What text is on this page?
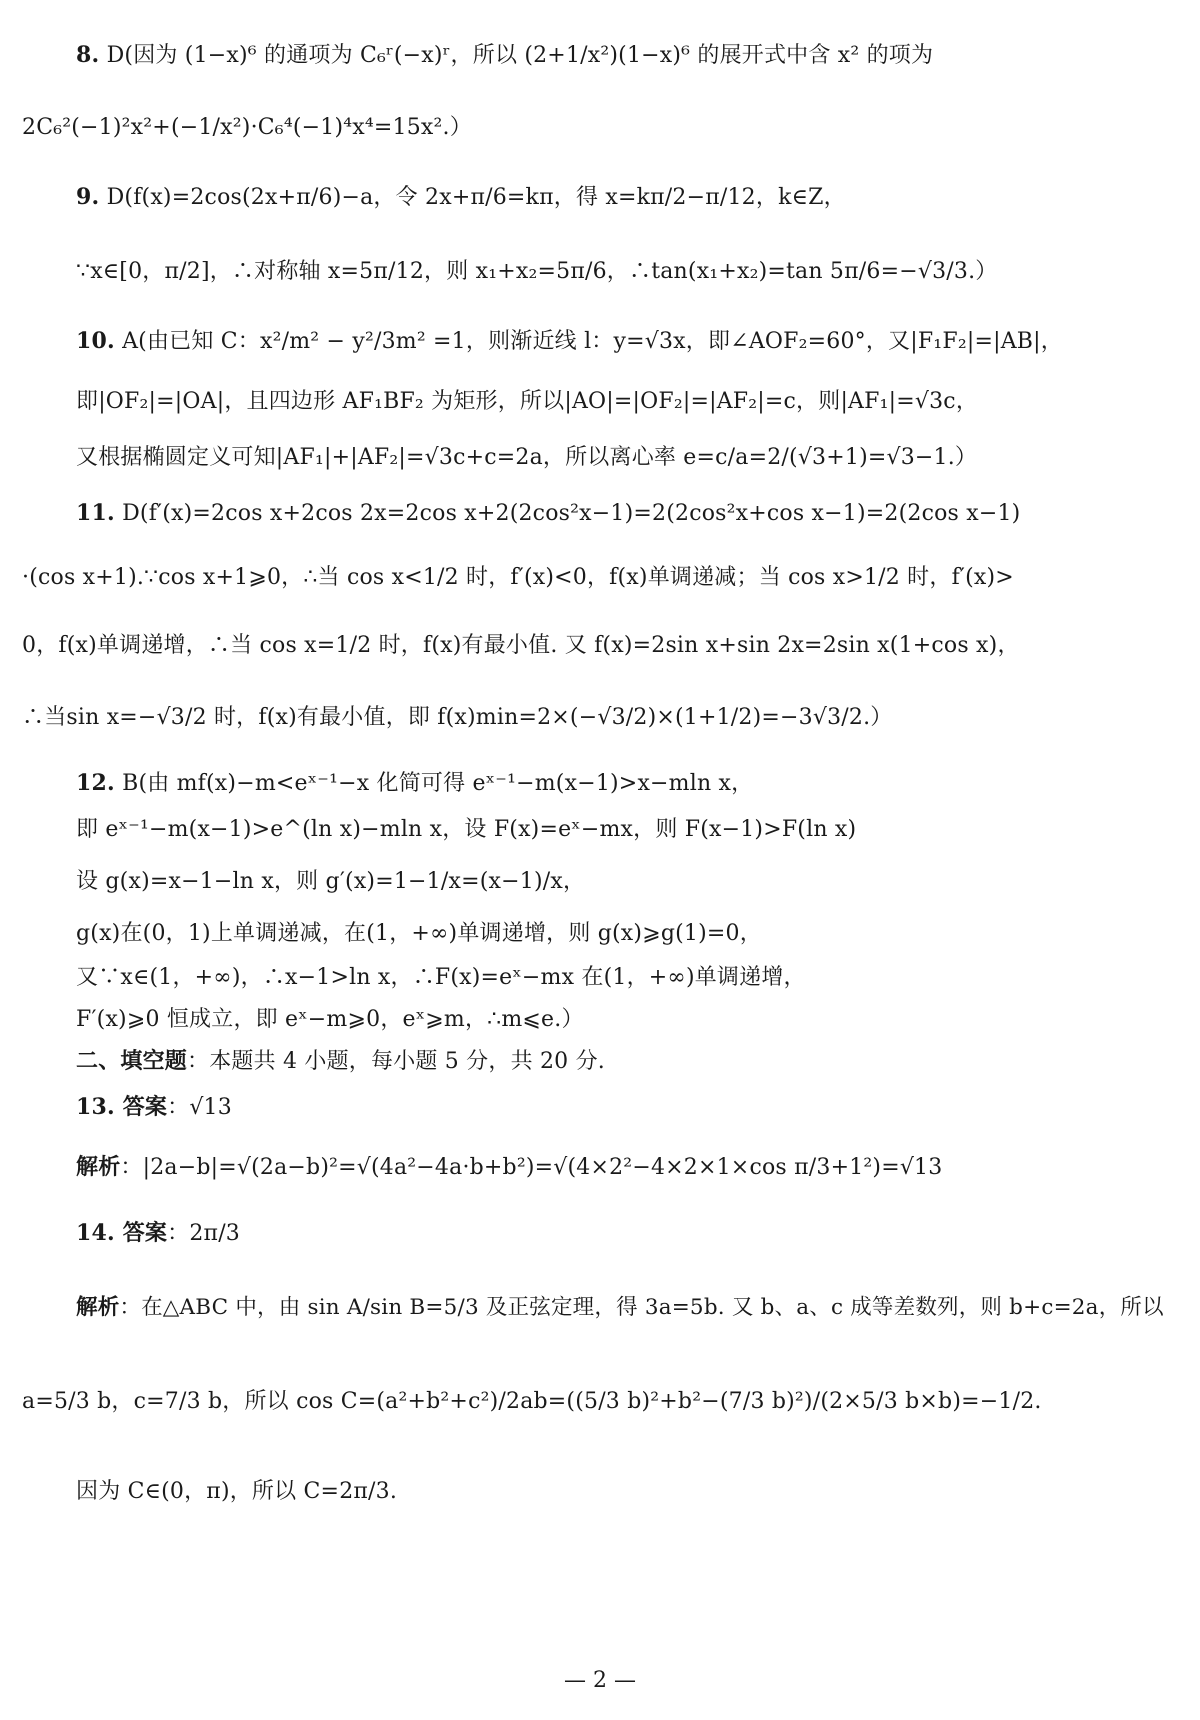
8. D(因为 (1−x)⁶ 的通项为 C₆ʳ(−x)ʳ，所以 (2+1/x²)(1−x)⁶ 的展开式中含 x² 的项为
2C₆²(−1)²x²+(−1/x²)·C₆⁴(−1)⁴x⁴=15x².）
9. D(f(x)=2cos(2x+π/6)−a，令 2x+π/6=kπ，得 x=kπ/2−π/12，k∈Z，
∵x∈[0，π/2]，∴对称轴 x=5π/12，则 x₁+x₂=5π/6，∴tan(x₁+x₂)=tan 5π/6=−√3/3.）
10. A(由已知 C：x²/m² − y²/3m² =1，则渐近线 l：y=√3x，即∠AOF₂=60°，又|F₁F₂|=|AB|，
即|OF₂|=|OA|，且四边形 AF₁BF₂ 为矩形，所以|AO|=|OF₂|=|AF₂|=c，则|AF₁|=√3c，
又根据椭圆定义可知|AF₁|+|AF₂|=√3c+c=2a，所以离心率 e=c/a=2/(√3+1)=√3−1.）
11. D(f′(x)=2cos x+2cos 2x=2cos x+2(2cos²x−1)=2(2cos²x+cos x−1)=2(2cos x−1)
·(cos x+1).∵cos x+1⩾0，∴当 cos x<1/2 时，f′(x)<0，f(x)单调递减；当 cos x>1/2 时，f′(x)>
0，f(x)单调递增，∴当 cos x=1/2 时，f(x)有最小值. 又 f(x)=2sin x+sin 2x=2sin x(1+cos x)，
∴当sin x=−√3/2 时，f(x)有最小值，即 f(x)min=2×(−√3/2)×(1+1/2)=−3√3/2.）
12. B(由 mf(x)−m<eˣ⁻¹−x 化简可得 eˣ⁻¹−m(x−1)>x−mln x，
即 eˣ⁻¹−m(x−1)>e^(ln x)−mln x，设 F(x)=eˣ−mx，则 F(x−1)>F(ln x)
设 g(x)=x−1−ln x，则 g′(x)=1−1/x=(x−1)/x，
g(x)在(0，1)上单调递减，在(1，+∞)单调递增，则 g(x)⩾g(1)=0，
又∵x∈(1，+∞)，∴x−1>ln x，∴F(x)=eˣ−mx 在(1，+∞)单调递增，
F′(x)⩾0 恒成立，即 eˣ−m⩾0，eˣ⩾m，∴m⩽e.）
二、填空题：本题共 4 小题，每小题 5 分，共 20 分.
13. 答案：√13
解析：|2a−b|=√(2a−b)²=√(4a²−4a·b+b²)=√(4×2²−4×2×1×cos π/3+1²)=√13
14. 答案：2π/3
解析：在△ABC 中，由 sin A/sin B=5/3 及正弦定理，得 3a=5b. 又 b、a、c 成等差数列，则 b+c=2a，所以
a=5/3 b，c=7/3 b，所以 cos C=(a²+b²+c²)/2ab=((5/3 b)²+b²−(7/3 b)²)/(2×5/3 b×b)=−1/2.
因为 C∈(0，π)，所以 C=2π/3.
— 2 —
